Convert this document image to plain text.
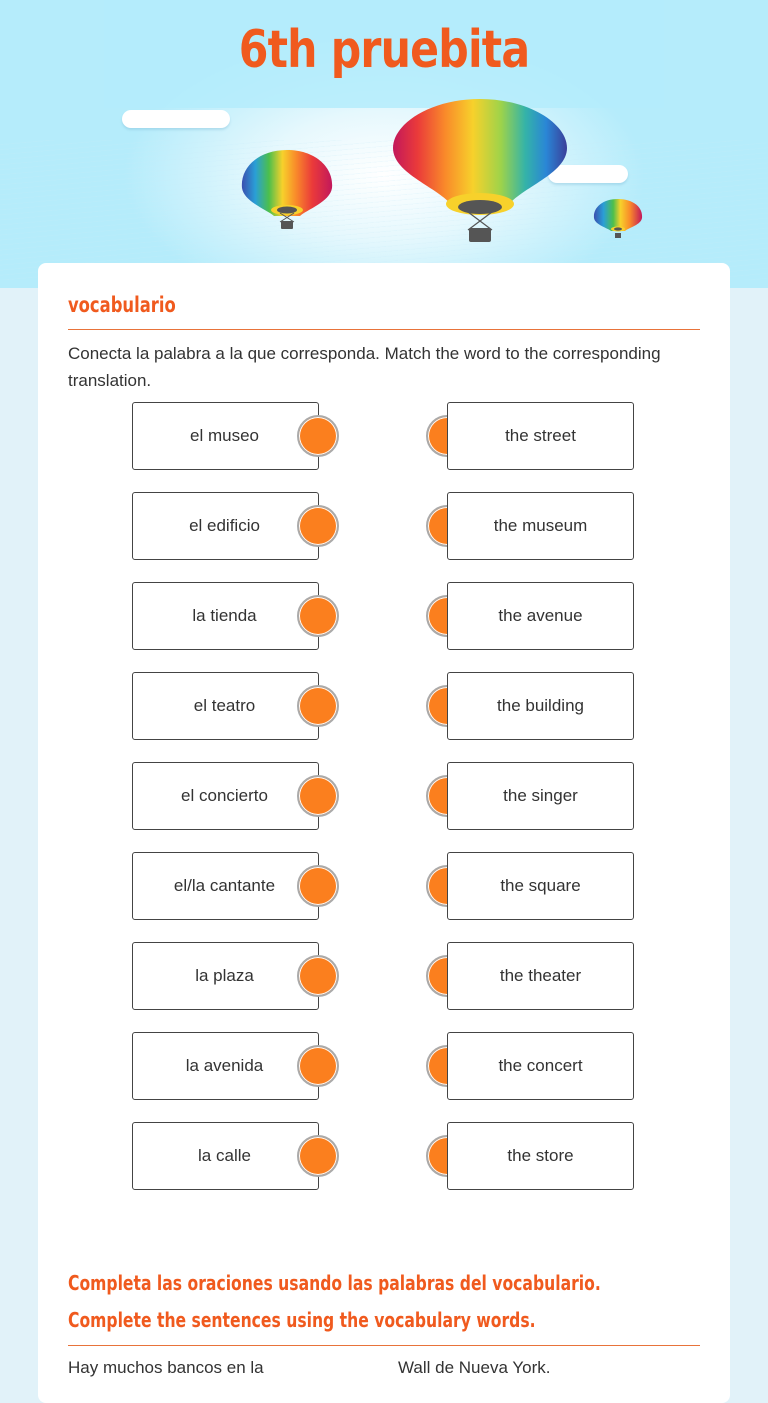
6th pruebita
vocabulario
Conecta la palabra a la que corresponda. Match the word to the corresponding translation.
el museo	the street
el edificio	the museum
la tienda	the avenue
el teatro	the building
el concierto	the singer
el/la cantante	the square
la plaza	the theater
la avenida	the concert
la calle	the store
Completa las oraciones usando las palabras del vocabulario.
Complete the sentences using the vocabulary words.
Hay muchos bancos en la	Wall de Nueva York.
